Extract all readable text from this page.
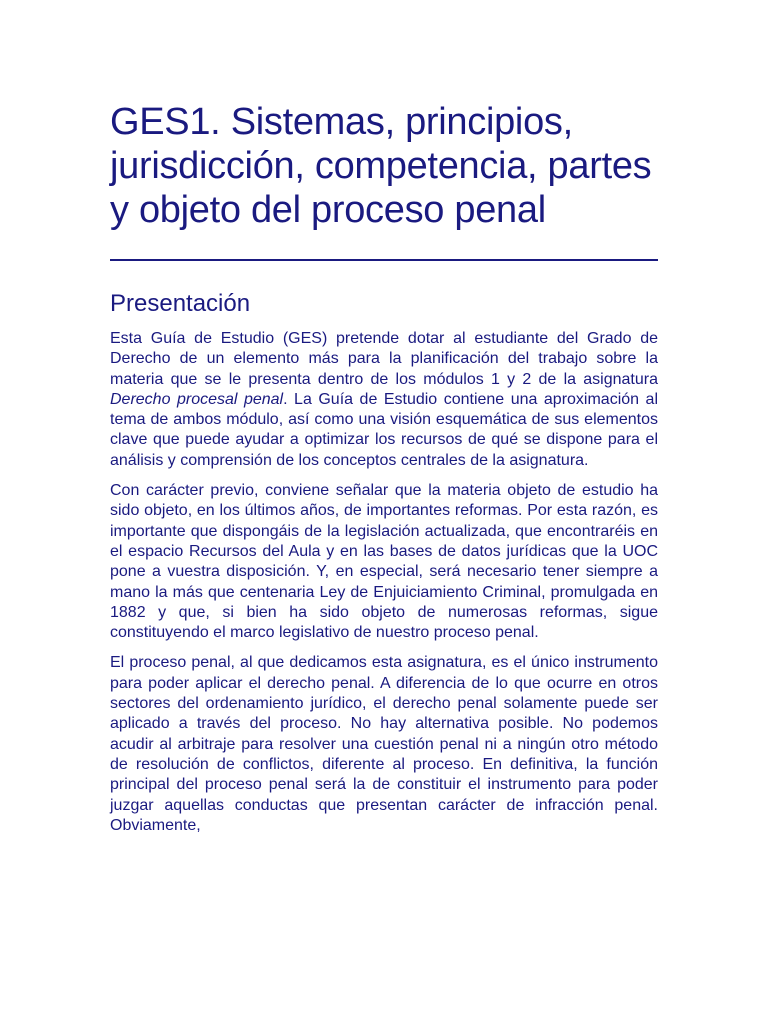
GES1. Sistemas, principios, jurisdicción, competencia, partes y objeto del proceso penal
Presentación

Esta Guía de Estudio (GES) pretende dotar al estudiante del Grado de Derecho de un elemento más para la planificación del trabajo sobre la materia que se le presenta dentro de los módulos 1 y 2 de la asignatura Derecho procesal penal. La Guía de Estudio contiene una aproximación al tema de ambos módulo, así como una visión esquemática de sus elementos clave que puede ayudar a optimizar los recursos de qué se dispone para el análisis y comprensión de los conceptos centrales de la asignatura.

Con carácter previo, conviene señalar que la materia objeto de estudio ha sido objeto, en los últimos años, de importantes reformas. Por esta razón, es importante que dispongáis de la legislación actualizada, que encontraréis en el espacio Recursos del Aula y en las bases de datos jurídicas que la UOC pone a vuestra disposición. Y, en especial, será necesario tener siempre a mano la más que centenaria Ley de Enjuiciamiento Criminal, promulgada en 1882 y que, si bien ha sido objeto de numerosas reformas, sigue constituyendo el marco legislativo de nuestro proceso penal.

El proceso penal, al que dedicamos esta asignatura, es el único instrumento para poder aplicar el derecho penal. A diferencia de lo que ocurre en otros sectores del ordenamiento jurídico, el derecho penal solamente puede ser aplicado a través del proceso. No hay alternativa posible. No podemos acudir al arbitraje para resolver una cuestión penal ni a ningún otro método de resolución de conflictos, diferente al proceso. En definitiva, la función principal del proceso penal será la de constituir el instrumento para poder juzgar aquellas conductas que presentan carácter de infracción penal. Obviamente,
